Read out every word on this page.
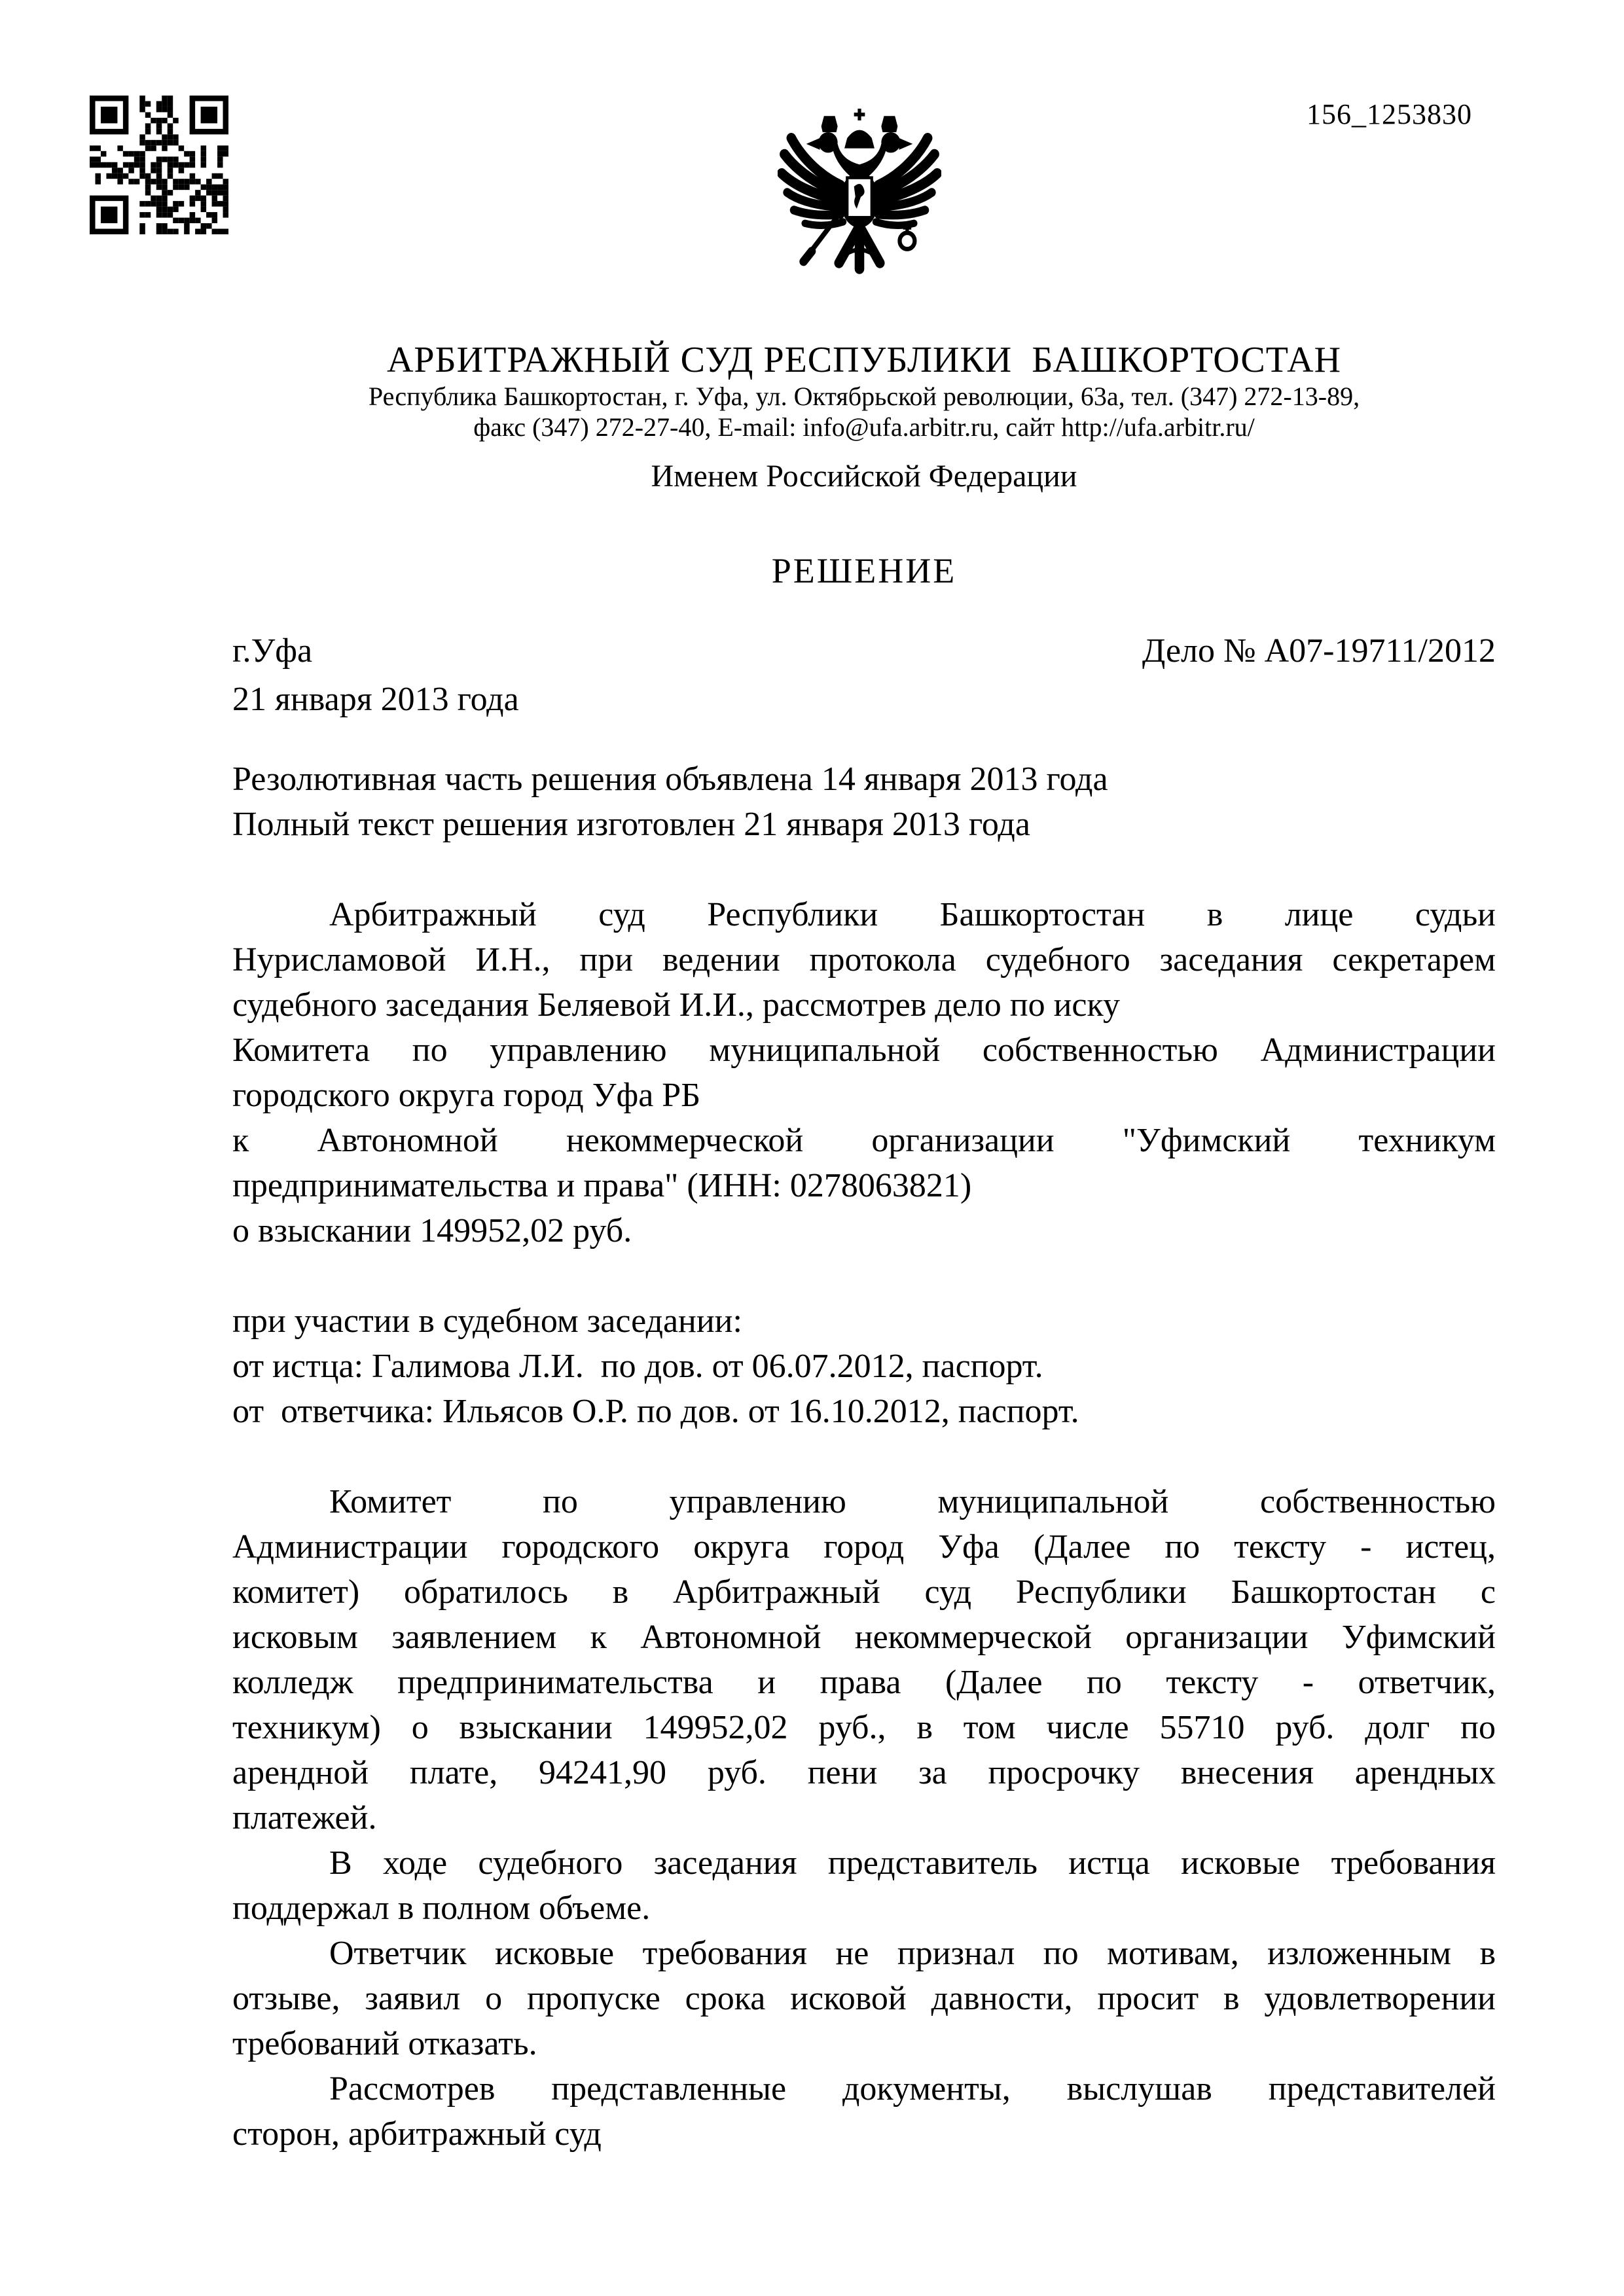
156_1253830
АРБИТРАЖНЫЙ СУД РЕСПУБЛИКИ  БАШКОРТОСТАН
Республика Башкортостан, г. Уфа, ул. Октябрьской революции, 63а, тел. (347) 272-13-89,
факс (347) 272-27-40, E-mail: info@ufa.arbitr.ru, сайт http://ufa.arbitr.ru/
Именем Российской Федерации
РЕШЕНИЕ
г.Уфа	Дело № А07-19711/2012
21 января 2013 года
Резолютивная часть решения объявлена 14 января 2013 года
Полный текст решения изготовлен 21 января 2013 года
Арбитражный суд Республики Башкортостан в лице судьи
Нурисламовой И.Н., при ведении протокола судебного заседания секретарем
судебного заседания Беляевой И.И., рассмотрев дело по иску
Комитета по управлению муниципальной собственностью Администрации
городского округа город Уфа РБ
к Автономной некоммерческой организации "Уфимский техникум
предпринимательства и права" (ИНН: 0278063821)
о взыскании 149952,02 руб.
при участии в судебном заседании:
от истца: Галимова Л.И.  по дов. от 06.07.2012, паспорт.
от  ответчика: Ильясов О.Р. по дов. от 16.10.2012, паспорт.
Комитет по управлению муниципальной собственностью
Администрации городского округа город Уфа (Далее по тексту - истец,
комитет) обратилось в Арбитражный суд Республики Башкортостан с
исковым заявлением к Автономной некоммерческой организации Уфимский
колледж предпринимательства и права (Далее по тексту - ответчик,
техникум) о взыскании 149952,02 руб., в том числе 55710 руб. долг по
арендной плате, 94241,90 руб. пени за просрочку внесения арендных
платежей.
В ходе судебного заседания представитель истца исковые требования
поддержал в полном объеме.
Ответчик исковые требования не признал по мотивам, изложенным в
отзыве, заявил о пропуске срока исковой давности, просит в удовлетворении
требований отказать.
Рассмотрев представленные документы, выслушав представителей
сторон, арбитражный суд
